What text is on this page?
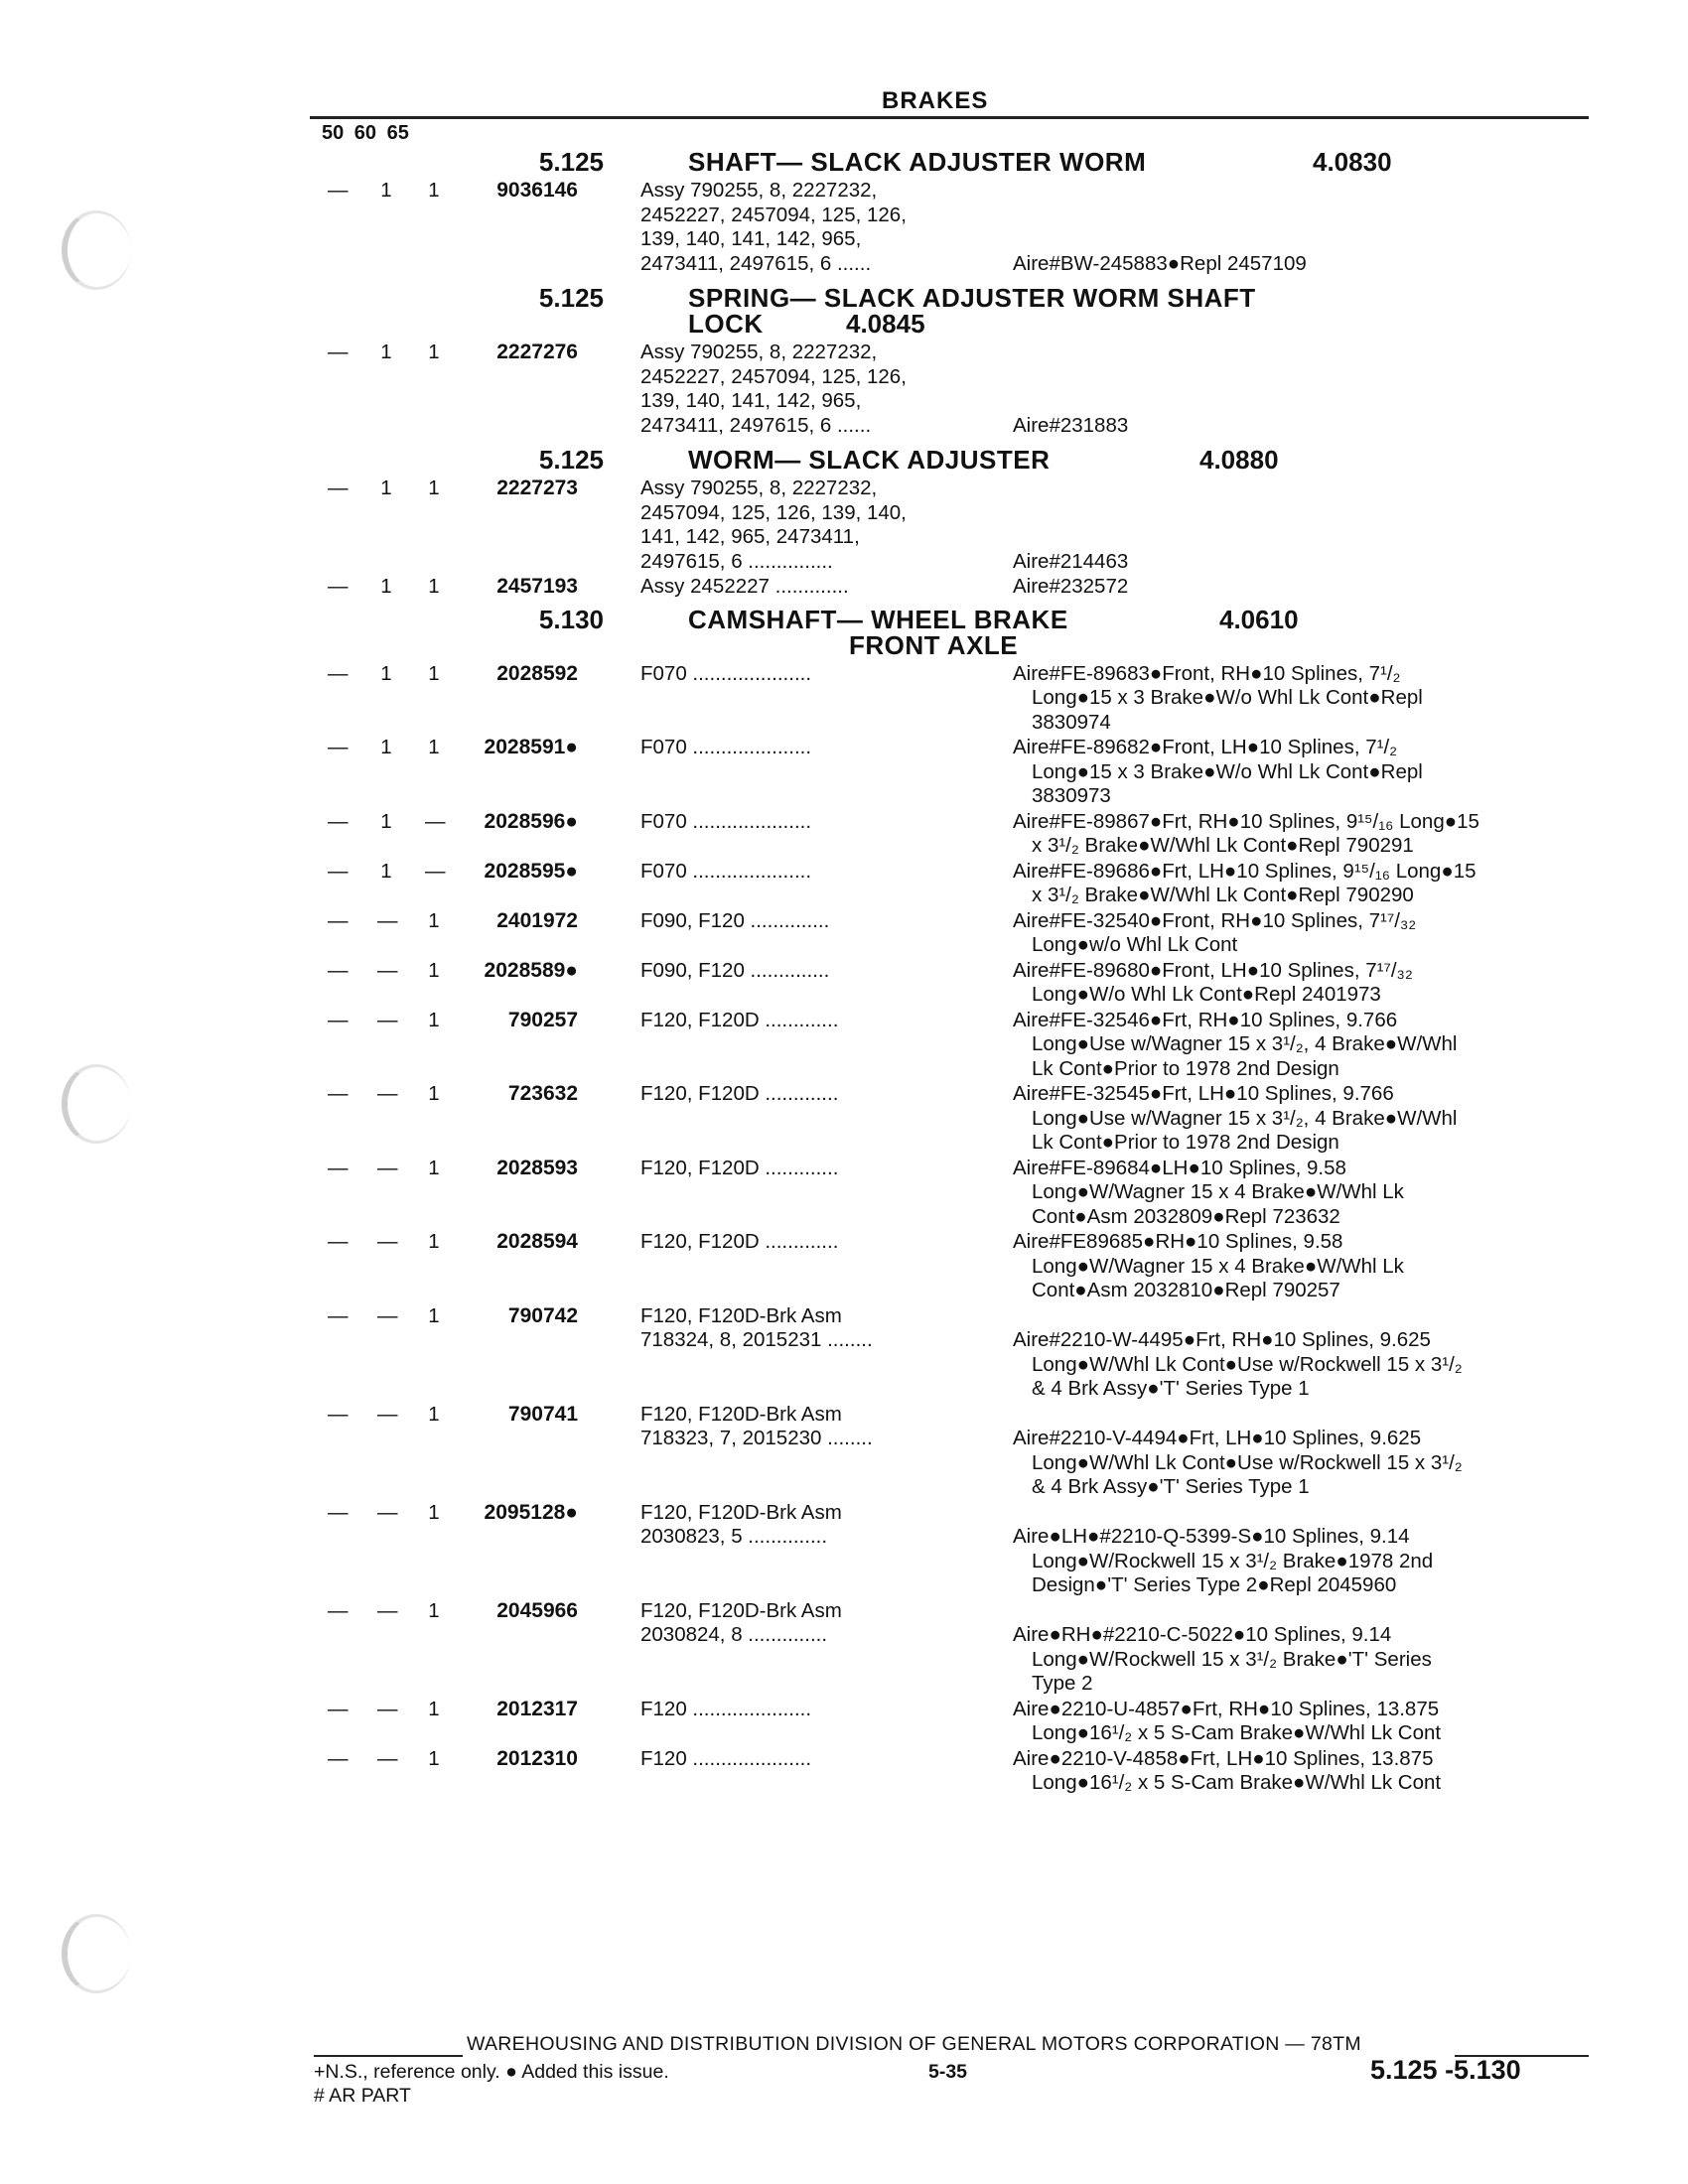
BRAKES
50 60 65
5.125	SHAFT— SLACK ADJUSTER WORM	4.0830
— 1 1	9036146	Assy 790255, 8, 2227232,
2452227, 2457094, 125, 126,
139, 140, 141, 142, 965,
2473411, 2497615, 6 ......	Aire#BW-245883●Repl 2457109
5.125	SPRING— SLACK ADJUSTER WORM SHAFT
LOCK	4.0845
— 1 1	2227276	Assy 790255, 8, 2227232,
2452227, 2457094, 125, 126,
139, 140, 141, 142, 965,
2473411, 2497615, 6 ......	Aire#231883
5.125	WORM— SLACK ADJUSTER	4.0880
— 1 1	2227273	Assy 790255, 8, 2227232,
2457094, 125, 126, 139, 140,
141, 142, 965, 2473411,
2497615, 6 ...............	Aire#214463
— 1 1	2457193	Assy 2452227 .............	Aire#232572
5.130	CAMSHAFT— WHEEL BRAKE
FRONT AXLE
4.0610
— 1 1	2028592	F070 .....................	Aire#FE-89683●Front, RH●10 Splines, 7¹/₂
Long●15 x 3 Brake●W/o Whl Lk Cont●Repl
3830974
— 1 1 2028591●	F070 .....................	Aire#FE-89682●Front, LH●10 Splines, 7¹/₂
Long●15 x 3 Brake●W/o Whl Lk Cont●Repl
3830973
— 1 — 2028596●	F070 .....................	Aire#FE-89867●Frt, RH●10 Splines, 9¹⁵/₁₆ Long●15
x 3¹/₂ Brake●W/Whl Lk Cont●Repl 790291
— 1 — 2028595●	F070 .....................	Aire#FE-89686●Frt, LH●10 Splines, 9¹⁵/₁₆ Long●15
x 3¹/₂ Brake●W/Whl Lk Cont●Repl 790290
— — 1	2401972	F090, F120 ..............	Aire#FE-32540●Front, RH●10 Splines, 7¹⁷/₃₂
Long●w/o Whl Lk Cont
— — 1 2028589●	F090, F120 ..............	Aire#FE-89680●Front, LH●10 Splines, 7¹⁷/₃₂
Long●W/o Whl Lk Cont●Repl 2401973
— — 1	790257	F120, F120D .............	Aire#FE-32546●Frt, RH●10 Splines, 9.766
Long●Use w/Wagner 15 x 3¹/₂, 4 Brake●W/Whl
Lk Cont●Prior to 1978 2nd Design
— — 1	723632	F120, F120D .............	Aire#FE-32545●Frt, LH●10 Splines, 9.766
Long●Use w/Wagner 15 x 3¹/₂, 4 Brake●W/Whl
Lk Cont●Prior to 1978 2nd Design
— — 1	2028593	F120, F120D .............	Aire#FE-89684●LH●10 Splines, 9.58
Long●W/Wagner 15 x 4 Brake●W/Whl Lk
Cont●Asm 2032809●Repl 723632
— — 1	2028594	F120, F120D .............	Aire#FE89685●RH●10 Splines, 9.58
Long●W/Wagner 15 x 4 Brake●W/Whl Lk
Cont●Asm 2032810●Repl 790257
— — 1	790742	F120, F120D-Brk Asm
718324, 8, 2015231 ........	Aire#2210-W-4495●Frt, RH●10 Splines, 9.625
Long●W/Whl Lk Cont●Use w/Rockwell 15 x 3¹/₂
& 4 Brk Assy●'T' Series Type 1
— — 1	790741	F120, F120D-Brk Asm
718323, 7, 2015230 ........	Aire#2210-V-4494●Frt, LH●10 Splines, 9.625
Long●W/Whl Lk Cont●Use w/Rockwell 15 x 3¹/₂
& 4 Brk Assy●'T' Series Type 1
— — 1 2095128●	F120, F120D-Brk Asm
2030823, 5 ..............	Aire●LH●#2210-Q-5399-S●10 Splines, 9.14
Long●W/Rockwell 15 x 3¹/₂ Brake●1978 2nd
Design●'T' Series Type 2●Repl 2045960
— — 1	2045966	F120, F120D-Brk Asm
2030824, 8 ..............	Aire●RH●#2210-C-5022●10 Splines, 9.14
Long●W/Rockwell 15 x 3¹/₂ Brake●'T' Series
Type 2
— — 1	2012317	F120 .....................	Aire●2210-U-4857●Frt, RH●10 Splines, 13.875
Long●16¹/₂ x 5 S-Cam Brake●W/Whl Lk Cont
— — 1	2012310	F120 .....................	Aire●2210-V-4858●Frt, LH●10 Splines, 13.875
Long●16¹/₂ x 5 S-Cam Brake●W/Whl Lk Cont
WAREHOUSING AND DISTRIBUTION DIVISION OF GENERAL MOTORS CORPORATION — 78TM
+N.S., reference only. ● Added this issue.
# AR PART
5-35	5.125 -5.130
